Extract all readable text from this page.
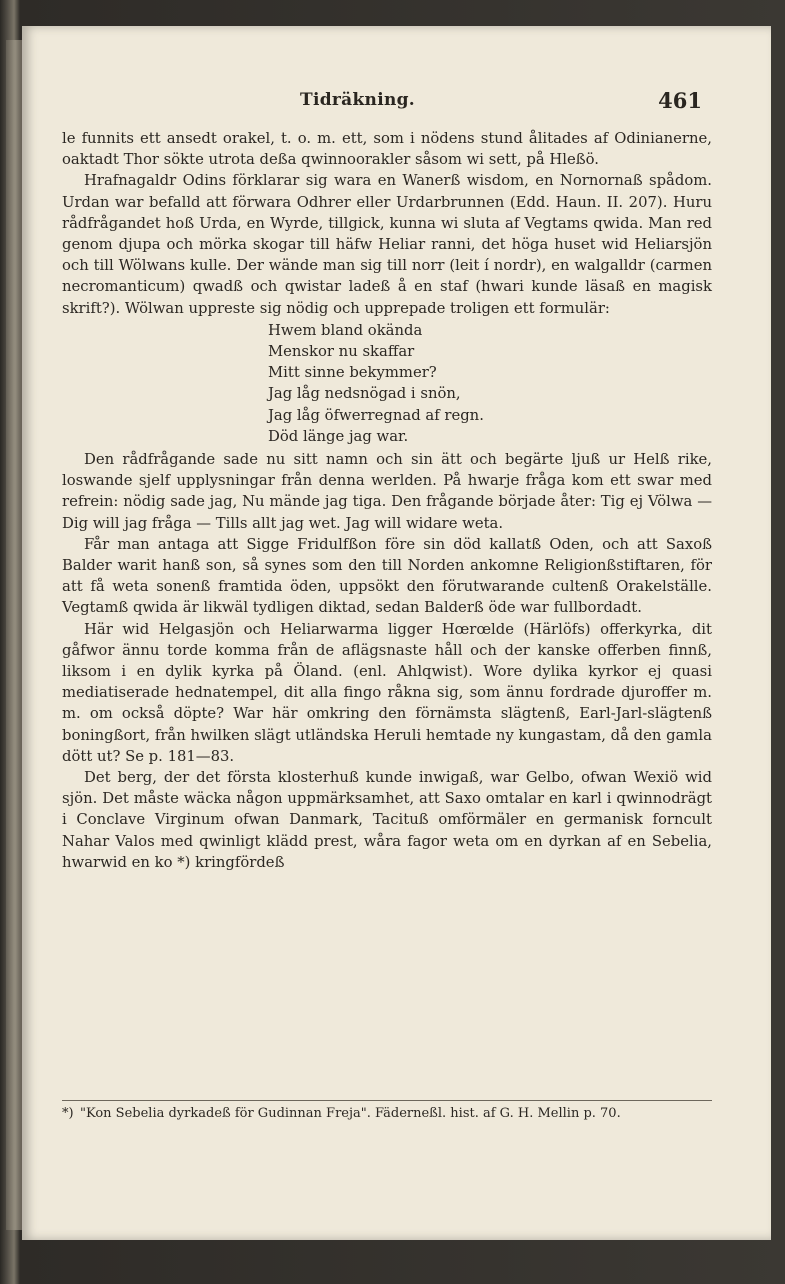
Tidräkning.	461

le funnits ett ansedt orakel, t. o. m. ett, som i nödens stund ålitades af Odinianerne, oaktadt Thor sökte utrota deßa qwinnoorakler såsom wi sett, på Hleßö.

Hrafnagaldr Odins förklarar sig wara en Wanerß wisdom, en Nornornaß spådom. Urdan war befalld att förwara Odhrer eller Urdarbrunnen (Edd. Haun. II. 207). Huru rådfrågandet hoß Urda, en Wyrde, tillgick, kunna wi sluta af Vegtams qwida. Man red genom djupa och mörka skogar till häfw Heliar ranni, det höga huset wid Heliarsjön och till Wölwans kulle. Der wände man sig till norr (leit í nordr), en walgalldr (carmen necromanticum) qwadß och qwistar ladeß å en staf (hwari kunde läsaß en magisk skrift?). Wölwan uppreste sig nödig och upprepade troligen ett formulär:

Hwem bland okända
Menskor nu skaffar
Mitt sinne bekymmer?
Jag låg nedsnögad i snön,
Jag låg öfwerregnad af regn.
Död länge jag war.

Den rådfrågande sade nu sitt namn och sin ätt och begärte ljuß ur Helß rike, loswande sjelf upplysningar från denna werlden. På hwarje fråga kom ett swar med refrein: nödig sade jag, Nu mände jag tiga. Den frågande började åter: Tig ej Völwa — Dig will jag fråga — Tills allt jag wet. Jag will widare weta.

Får man antaga att Sigge Fridulfßon före sin död kallatß Oden, och att Saxoß Balder warit hanß son, så synes som den till Norden ankomne Religionßstiftaren, för att få weta sonenß framtida öden, uppsökt den förutwarande cultenß Orakelställe. Vegtamß qwida är likwäl tydligen diktad, sedan Balderß öde war fullbordadt.

Här wid Helgasjön och Heliarwarma ligger Hœrœlde (Härlöfs) offerkyrka, dit gåfwor ännu torde komma från de aflägsnaste håll och der kanske offerben finnß, liksom i en dylik kyrka på Öland. (enl. Ahlqwist). Wore dylika kyrkor ej quasi mediatiserade hednatempel, dit alla fingo råkna sig, som ännu fordrade djuroffer m. m. om också döpte? War här omkring den förnämsta slägtenß, Earl-Jarl-slägtenß boningßort, från hwilken slägt utländska Heruli hemtade ny kungastam, då den gamla dött ut? Se p. 181—83.

Det berg, der det första klosterhuß kunde inwigaß, war Gelbo, ofwan Wexiö wid sjön. Det måste wäcka någon uppmärksamhet, att Saxo omtalar en karl i qwinnodrägt i Conclave Virginum ofwan Danmark, Tacituß omförmäler en germanisk forncult Nahar Valos med qwinligt klädd prest, wåra fagor weta om en dyrkan af en Sebelia, hwarwid en ko *) kringfördeß

*) "Kon Sebelia dyrkadeß för Gudinnan Freja". Fäderneßl. hist. af G. H. Mellin p. 70.
